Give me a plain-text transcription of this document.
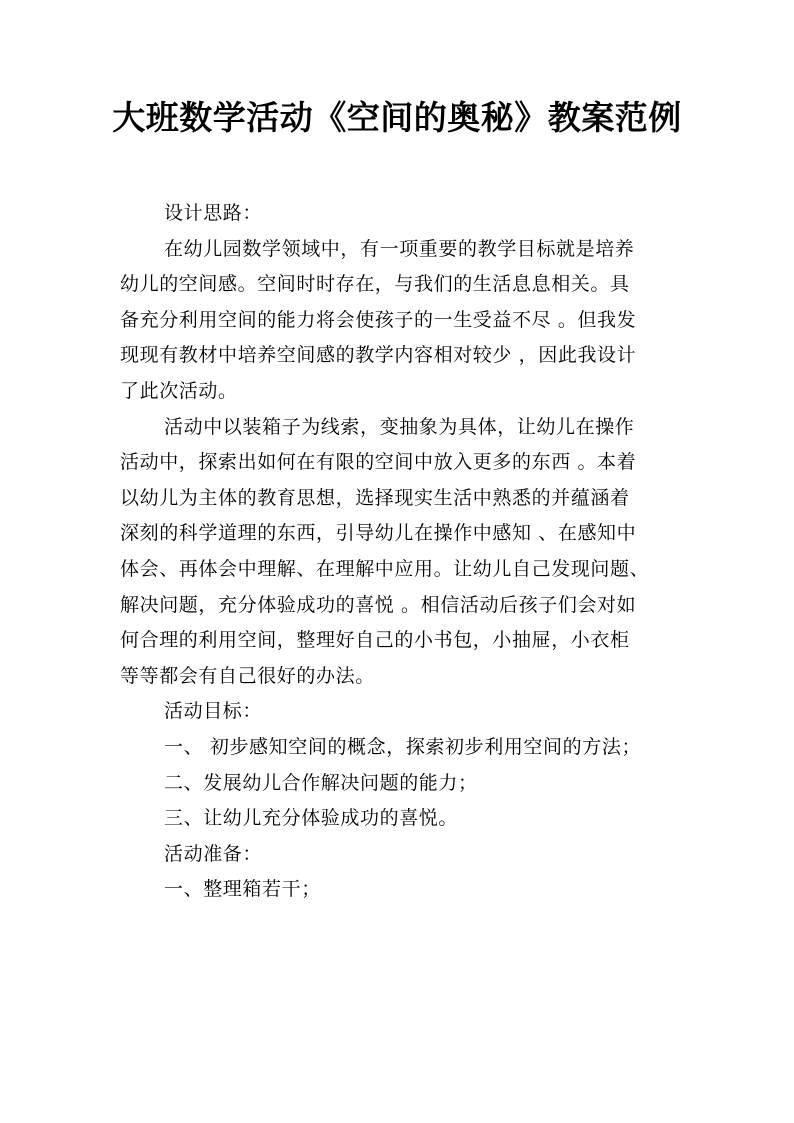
大班数学活动《空间的奥秘》教案范例
设计思路：
在幼儿园数学领域中，有一项重要的教学目标就是培养
幼儿的空间感。空间时时存在，与我们的生活息息相关。具
备充分利用空间的能力将会使孩子的一生受益不尽 。但我发
现现有教材中培养空间感的教学内容相对较少 ，因此我设计
了此次活动。
活动中以装箱子为线索，变抽象为具体，让幼儿在操作
活动中，探索出如何在有限的空间中放入更多的东西 。本着
以幼儿为主体的教育思想，选择现实生活中熟悉的并蕴涵着
深刻的科学道理的东西，引导幼儿在操作中感知 、在感知中
体会、再体会中理解、在理解中应用。让幼儿自己发现问题、
解决问题，充分体验成功的喜悦 。相信活动后孩子们会对如
何合理的利用空间，整理好自己的小书包，小抽屉，小衣柜
等等都会有自己很好的办法。
活动目标：
一、 初步感知空间的概念，探索初步利用空间的方法；
二、发展幼儿合作解决问题的能力；
三、让幼儿充分体验成功的喜悦。
活动准备：
一、整理箱若干；
